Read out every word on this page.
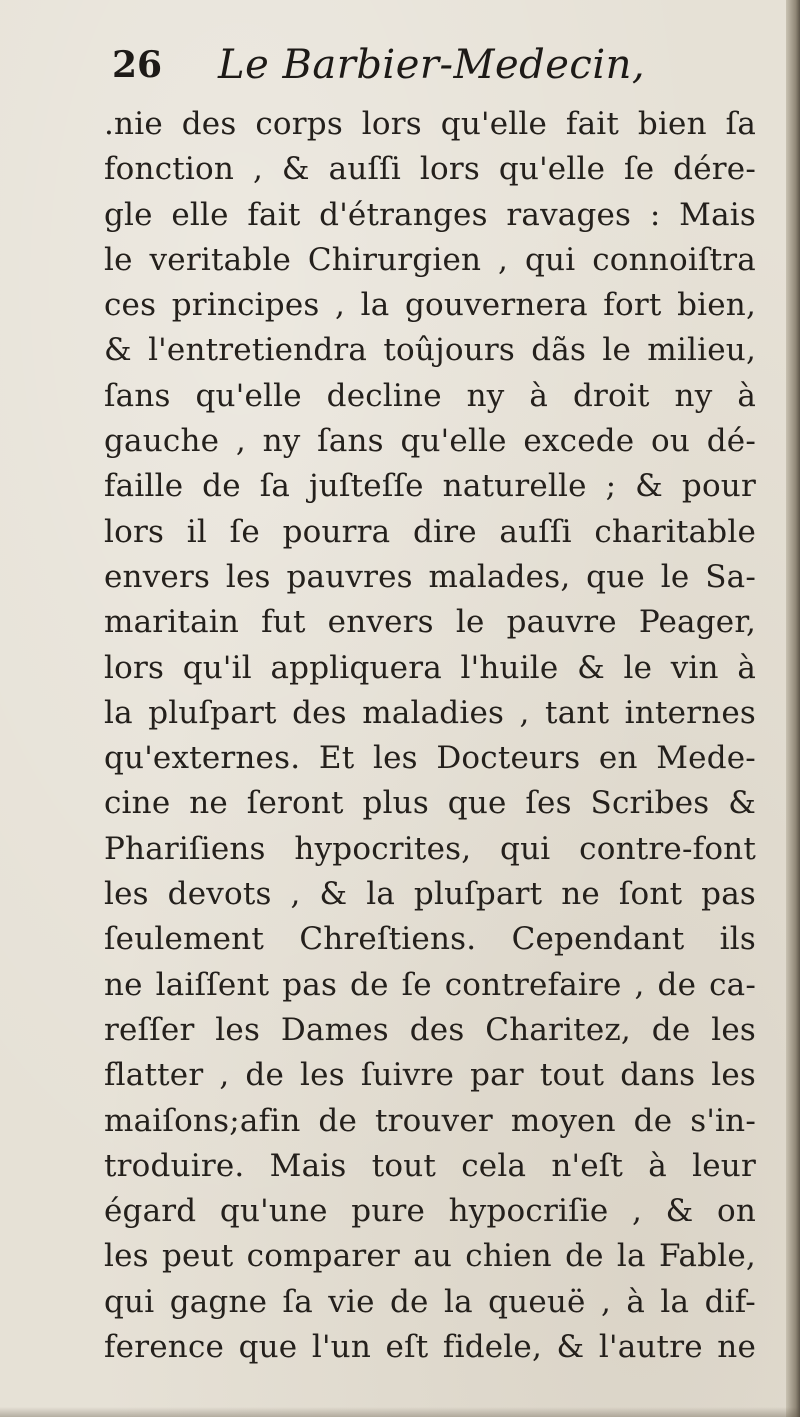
26 Le Barbier-Medecin,
.nie des corps lors qu'elle fait bien ſa
fonction , & auſſi lors qu'elle ſe dére-
gle elle fait d'étranges ravages : Mais
le veritable Chirurgien , qui connoiſtra
ces principes , la gouvernera fort bien,
& l'entretiendra toûjours dãs le milieu,
ſans qu'elle decline ny à droit ny à
gauche , ny ſans qu'elle excede ou dé-
faille de ſa juſteſſe naturelle ; & pour
lors il ſe pourra dire auſſi charitable
envers les pauvres malades, que le Sa-
maritain fut envers le pauvre Peager,
lors qu'il appliquera l'huile & le vin à
la pluſpart des maladies , tant internes
qu'externes. Et les Docteurs en Mede-
cine ne ſeront plus que ſes Scribes &
Phariſiens hypocrites, qui contre-font
les devots , & la pluſpart ne ſont pas
ſeulement Chreſtiens. Cependant ils
ne laiſſent pas de ſe contrefaire , de ca-
reſſer les Dames des Charitez, de les
flatter , de les ſuivre par tout dans les
maiſons;afin de trouver moyen de s'in-
troduire. Mais tout cela n'eſt à leur
égard qu'une pure hypocriſie , & on
les peut comparer au chien de la Fable,
qui gagne ſa vie de la queuë , à la dif-
ference que l'un eſt fidele, & l'autre ne
